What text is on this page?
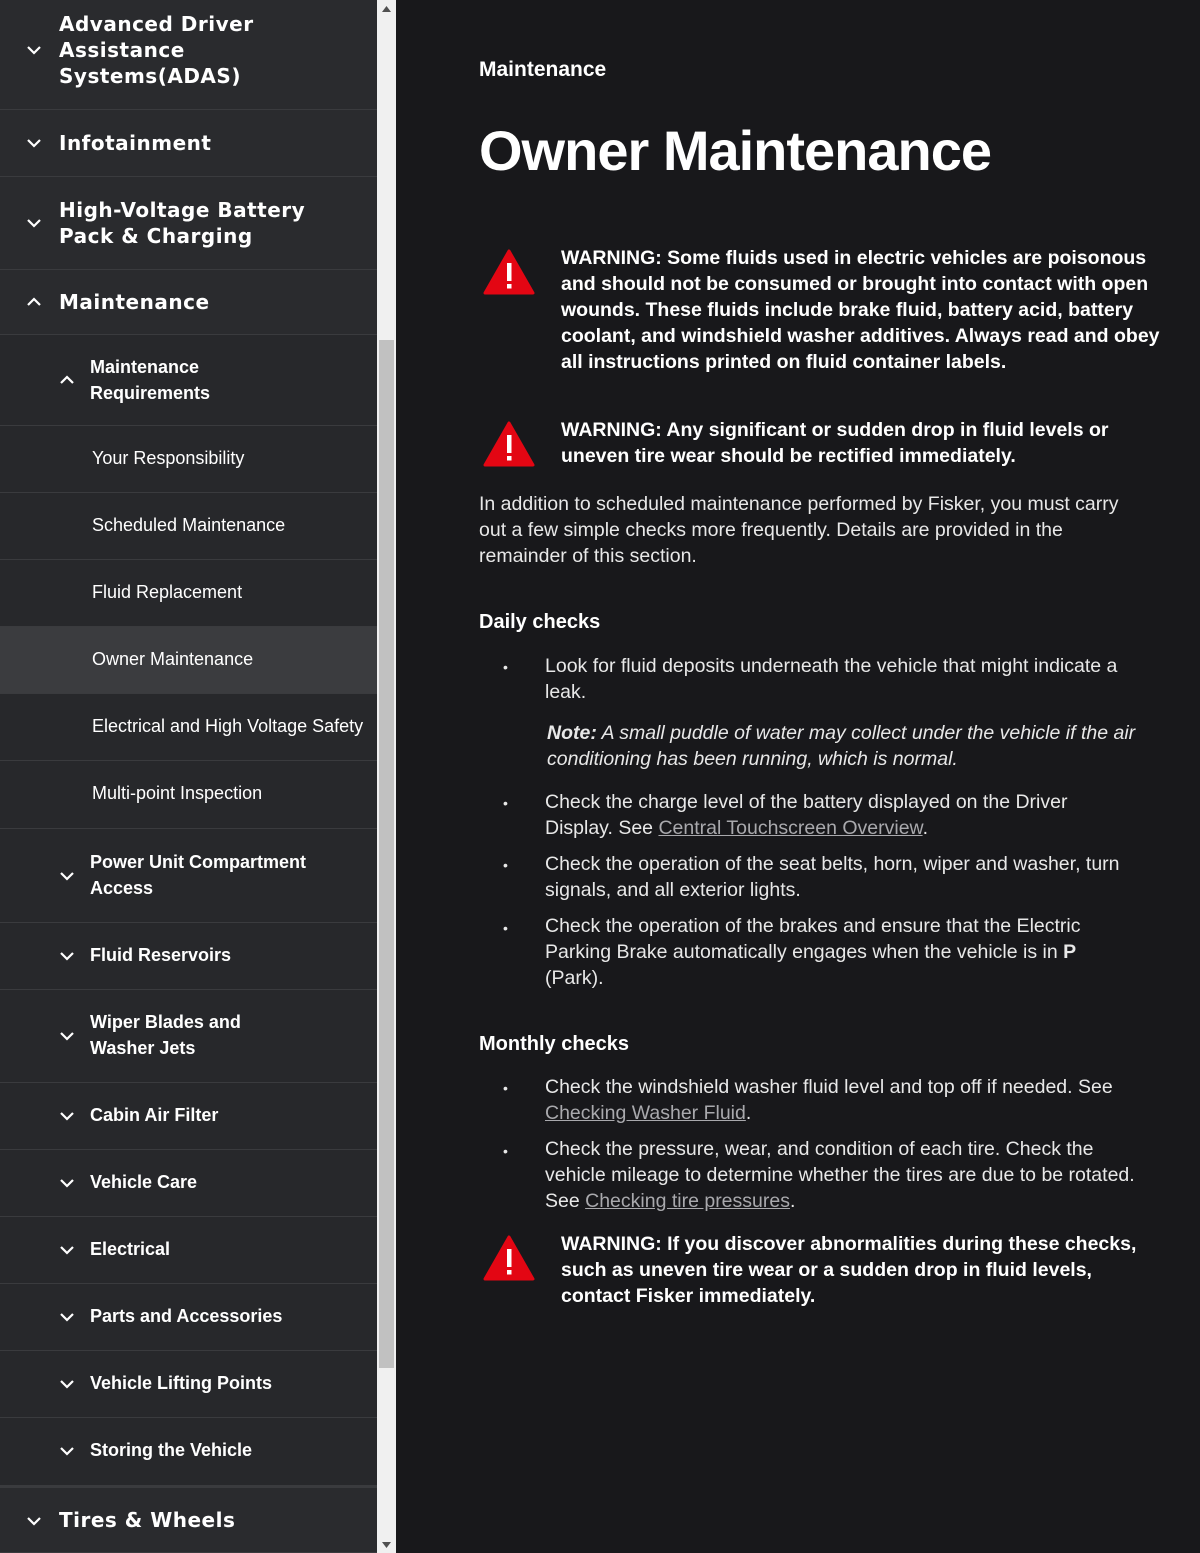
Advanced Driver Assistance Systems(ADAS)
Infotainment
High-Voltage Battery Pack & Charging
Maintenance
Maintenance Requirements
Your Responsibility
Scheduled Maintenance
Fluid Replacement
Owner Maintenance
Electrical and High Voltage Safety
Multi-point Inspection
Power Unit Compartment Access
Fluid Reservoirs
Wiper Blades and Washer Jets
Cabin Air Filter
Vehicle Care
Electrical
Parts and Accessories
Vehicle Lifting Points
Storing the Vehicle
Tires & Wheels
Maintenance
Owner Maintenance
WARNING: Some fluids used in electric vehicles are poisonous and should not be consumed or brought into contact with open wounds. These fluids include brake fluid, battery acid, battery coolant, and windshield washer additives. Always read and obey all instructions printed on fluid container labels.
WARNING: Any significant or sudden drop in fluid levels or uneven tire wear should be rectified immediately.

In addition to scheduled maintenance performed by Fisker, you must carry out a few simple checks more frequently. Details are provided in the remainder of this section.

Daily checks
• Look for fluid deposits underneath the vehicle that might indicate a leak.
Note: A small puddle of water may collect under the vehicle if the air conditioning has been running, which is normal.
• Check the charge level of the battery displayed on the Driver Display. See Central Touchscreen Overview.
• Check the operation of the seat belts, horn, wiper and washer, turn signals, and all exterior lights.
• Check the operation of the brakes and ensure that the Electric Parking Brake automatically engages when the vehicle is in P (Park).
Monthly checks
• Check the windshield washer fluid level and top off if needed. See Checking Washer Fluid.
• Check the pressure, wear, and condition of each tire. Check the vehicle mileage to determine whether the tires are due to be rotated. See Checking tire pressures.
WARNING: If you discover abnormalities during these checks, such as uneven tire wear or a sudden drop in fluid levels, contact Fisker immediately.
